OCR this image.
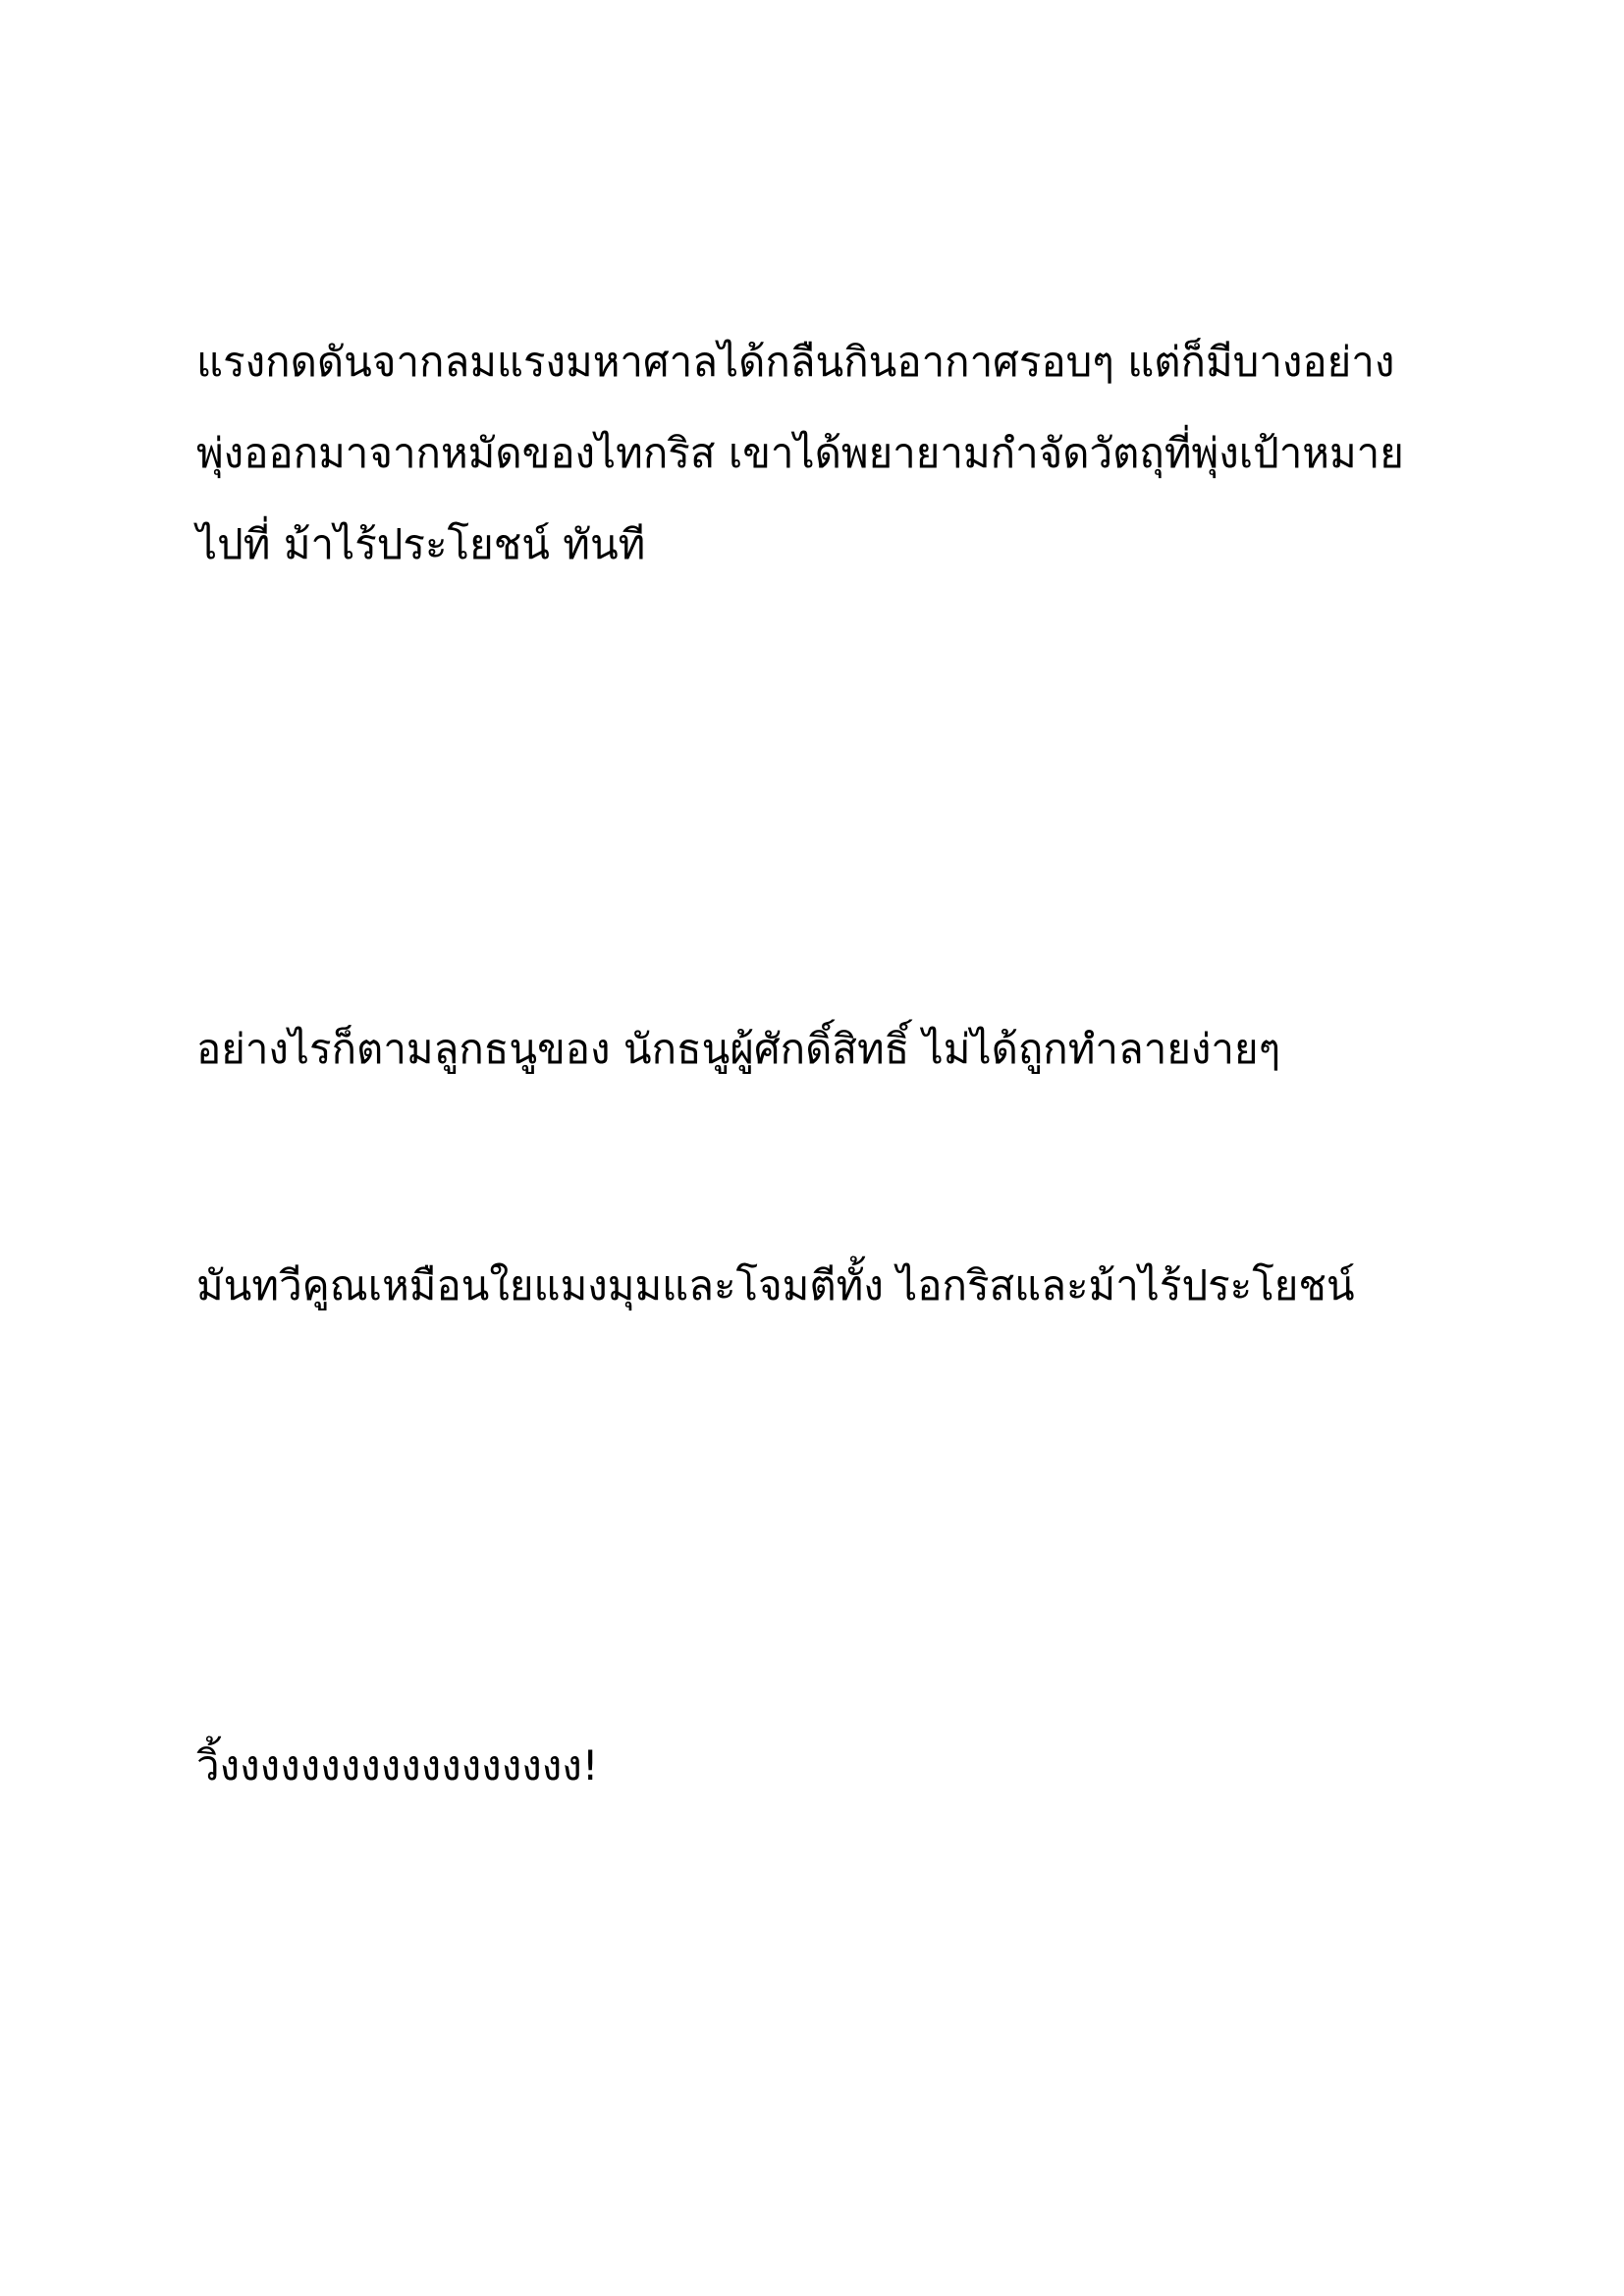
แรงกดดันจากลมแรงมหาศาลได้กลืนกินอากาศรอบๆ แต่ก็มีบางอย่าง
พุ่งออกมาจากหมัดของไทกริส เขาได้พยายามกำจัดวัตถุที่พุ่งเป้าหมาย
ไปที่ ม้าไร้ประโยชน์ ทันที

อย่างไรก็ตามลูกธนูของ นักธนูผู้ศักดิ์สิทธิ์ ไม่ได้ถูกทำลายง่ายๆ

มันทวีคูณเหมือนใยแมงมุมและโจมตีทั้ง ไอกริสและม้าไร้ประโยชน์

วิ้งงงงงงงงงงงงงงงงงง!
